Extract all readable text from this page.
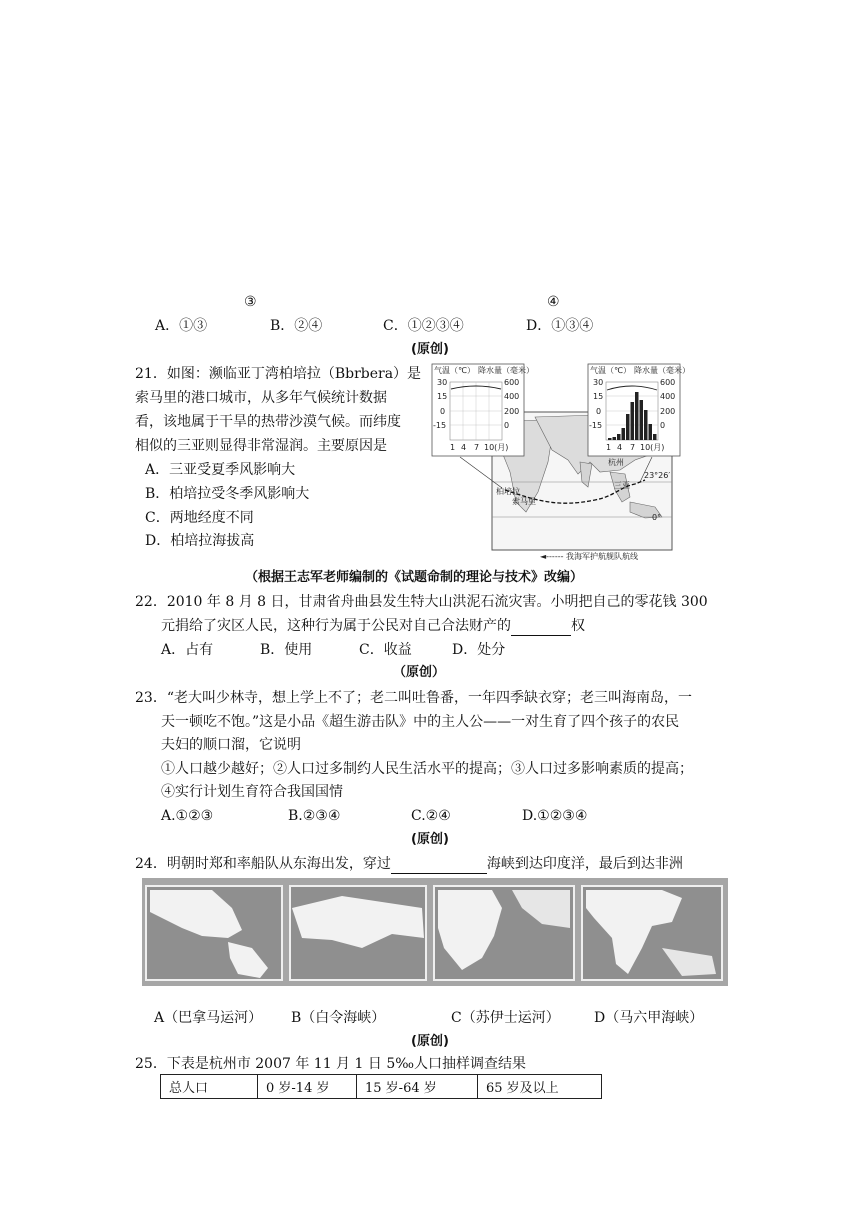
③	④
A．①③	B．②④	C．①②③④	D．①③④
(原创)
21．如图：濒临亚丁湾柏培拉（Bbrbera）是
索马里的港口城市，从多年气候统计数据
看，该地属于干旱的热带沙漠气候。而纬度
相似的三亚则显得非常湿润。主要原因是
A．三亚受夏季风影响大
B．柏培拉受冬季风影响大
C．两地经度不同
D．柏培拉海拔高
气温（℃） 降水量（毫米）
30
15
0
-15
600
400
200
0
1 4 7 10(月)
气温（℃） 降水量（毫米）
30
15
0
-15
600
400
200
0
1 4 7 10(月)
杭州
三亚
柏培拉
索马里
23°26′
0°
◄------ 我海军护航舰队航线
（根据王志军老师编制的《试题命制的理论与技术》改编）
22．2010 年 8 月 8 日，甘肃省舟曲县发生特大山洪泥石流灾害。小明把自己的零花钱 300
元捐给了灾区人民，这种行为属于公民对自己合法财产的	权
A．占有	B．使用	C．收益	D．处分
（原创）
23．“老大叫少林寺，想上学上不了；老二叫吐鲁番，一年四季缺衣穿；老三叫海南岛，一
天一顿吃不饱。”这是小品《超生游击队》中的主人公——一对生育了四个孩子的农民
夫妇的顺口溜，它说明
①人口越少越好；②人口过多制约人民生活水平的提高；③人口过多影响素质的提高；
④实行计划生育符合我国国情
A.①②③	B.②③④	C.②④	D.①②③④
(原创)
24．明朝时郑和率船队从东海出发，穿过	海峡到达印度洋，最后到达非洲
A（巴拿马运河） B（白令海峡）	C（苏伊士运河） D（马六甲海峡）
(原创)
25．下表是杭州市 2007 年 11 月 1 日 5‰人口抽样调查结果
总人口	0 岁-14 岁	15 岁-64 岁	65 岁及以上
